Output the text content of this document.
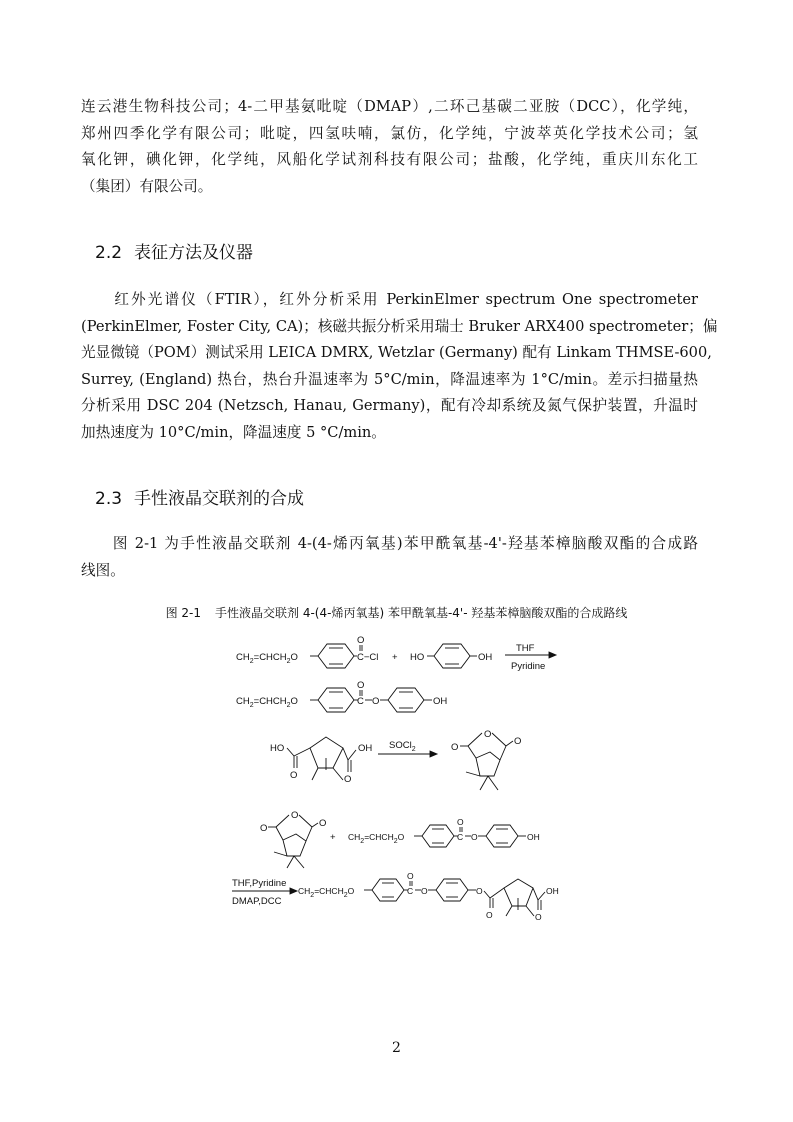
连云港生物科技公司；4-二甲基氨吡啶（DMAP）,二环己基碳二亚胺（DCC），化学纯，
郑州四季化学有限公司；吡啶，四氢呋喃，氯仿，化学纯，宁波萃英化学技术公司；氢
氧化钾，碘化钾，化学纯，风船化学试剂科技有限公司；盐酸，化学纯，重庆川东化工
（集团）有限公司。
2.2 表征方法及仪器
　　红外光谱仪（FTIR），红外分析采用 PerkinElmer spectrum One spectrometer
(PerkinElmer, Foster City, CA)；核磁共振分析采用瑞士 Bruker ARX400 spectrometer；偏
光显微镜（POM）测试采用 LEICA DMRX, Wetzlar (Germany) 配有 Linkam THMSE-600,
Surrey, (England) 热台，热台升温速率为 5°C/min，降温速率为 1°C/min。差示扫描量热
分析采用 DSC 204 (Netzsch, Hanau, Germany)，配有冷却系统及氮气保护装置，升温时
加热速度为 10°C/min，降温速度 5 °C/min。
2.3 手性液晶交联剂的合成
　　图 2-1 为手性液晶交联剂 4-(4-烯丙氧基)苯甲酰氧基-4'-羟基苯樟脑酸双酯的合成路
线图。
图 2-1 手性液晶交联剂 4-(4-烯丙氧基) 苯甲酰氧基-4'- 羟基苯樟脑酸双酯的合成路线
$CH_2=CHCH_2O$	C−Cl
O
+ HO	OH
THF
Pyridine
$CH_2=CHCH_2O$	C
O
O	OH
HO
O	O
OH SOCl$_2$	O
O
O
O
O
O
+ $CH_2=CHCH_2O$	C
O
O	OH
THF,Pyridine
DMAP,DCC
$CH_2=CHCH_2O$	C
O
O	O
O	O
OH
2
